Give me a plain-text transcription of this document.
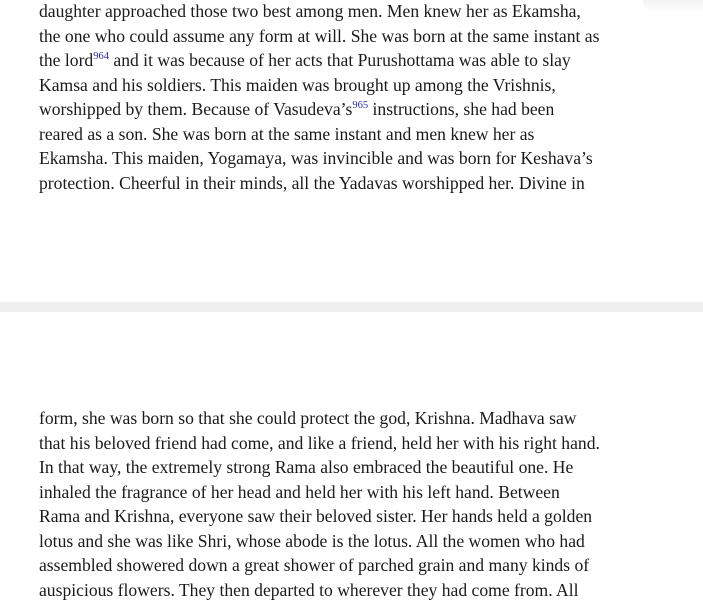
daughter approached those two best among men. Men knew her as Ekamsha,
the one who could assume any form at will. She was born at the same instant as
the lord$^{964}$ and it was because of her acts that Purushottama was able to slay
Kamsa and his soldiers. This maiden was brought up among the Vrishnis,
worshipped by them. Because of Vasudeva’s$^{965}$ instructions, she had been
reared as a son. She was born at the same instant and men knew her as
Ekamsha. This maiden, Yogamaya, was invincible and was born for Keshava’s
protection. Cheerful in their minds, all the Yadavas worshipped her. Divine in
form, she was born so that she could protect the god, Krishna. Madhava saw
that his beloved friend had come, and like a friend, held her with his right hand.
In that way, the extremely strong Rama also embraced the beautiful one. He
inhaled the fragrance of her head and held her with his left hand. Between
Rama and Krishna, everyone saw their beloved sister. Her hands held a golden
lotus and she was like Shri, whose abode is the lotus. All the women who had
assembled showered down a great shower of parched grain and many kinds of
auspicious flowers. They then departed to wherever they had come from. All
